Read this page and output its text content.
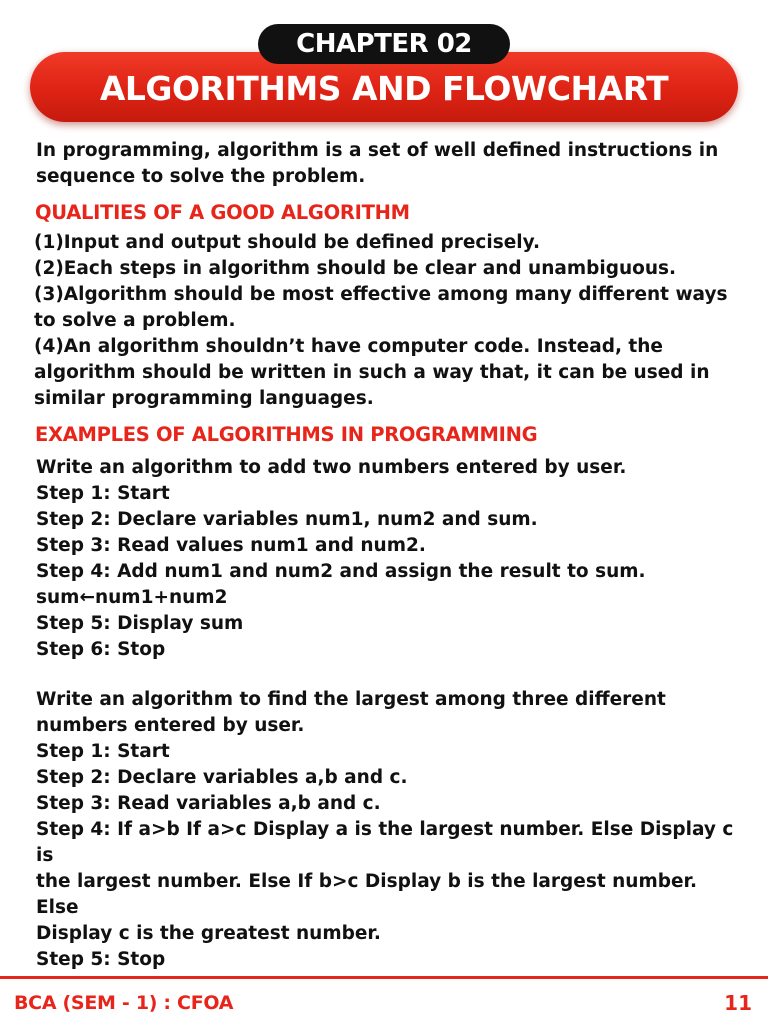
ALGORITHMS AND FLOWCHART
CHAPTER 02
In programming, algorithm is a set of well defined instructions in
sequence to solve the problem.
QUALITIES OF A GOOD ALGORITHM
(1)Input and output should be defined precisely.
(2)Each steps in algorithm should be clear and unambiguous.
(3)Algorithm should be most effective among many different ways
to solve a problem.
(4)An algorithm shouldn’t have computer code. Instead, the
algorithm should be written in such a way that, it can be used in
similar programming languages.
EXAMPLES OF ALGORITHMS IN PROGRAMMING
Write an algorithm to add two numbers entered by user.
Step 1: Start
Step 2: Declare variables num1, num2 and sum.
Step 3: Read values num1 and num2.
Step 4: Add num1 and num2 and assign the result to sum.
sum←num1+num2
Step 5: Display sum
Step 6: Stop
Write an algorithm to find the largest among three different
numbers entered by user.
Step 1: Start
Step 2: Declare variables a,b and c.
Step 3: Read variables a,b and c.
Step 4: If a>b If a>c Display a is the largest number. Else Display c is
the largest number. Else If b>c Display b is the largest number. Else
Display c is the greatest number.
Step 5: Stop
BCA (SEM - 1) : CFOA	11
